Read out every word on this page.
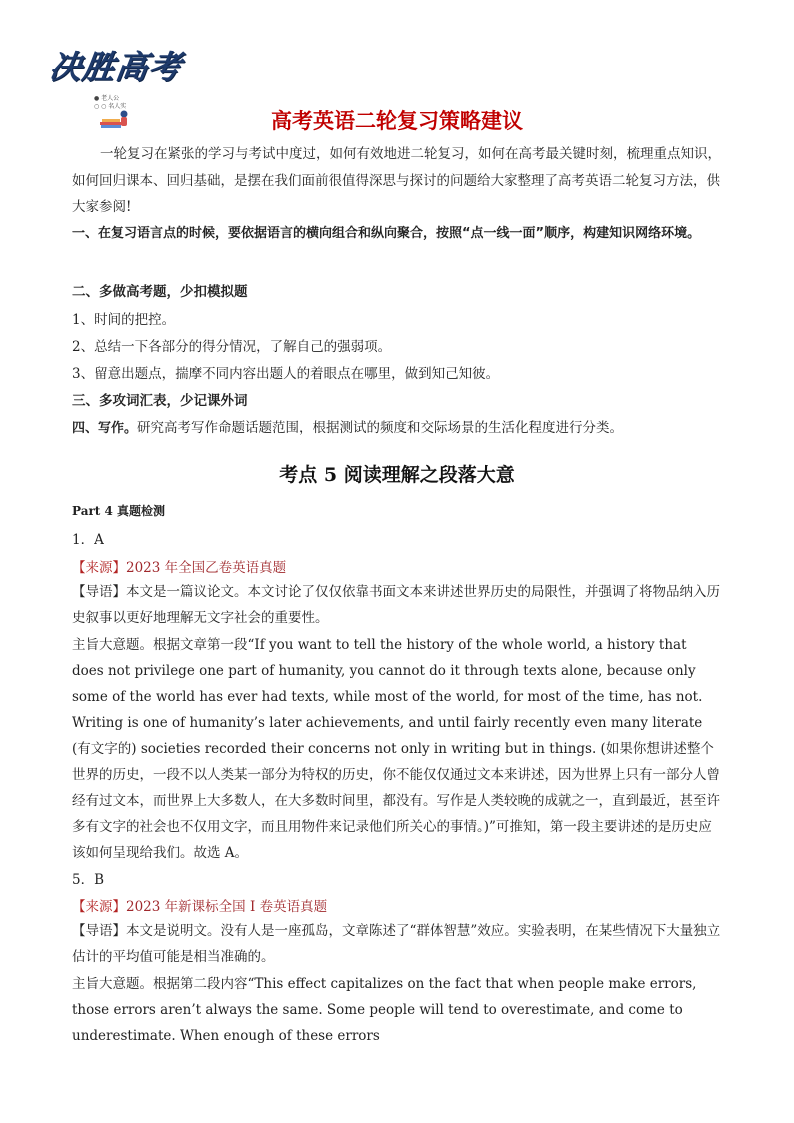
决胜高考
● 老人公
○ ○ 名人实
高考英语二轮复习策略建议
一轮复习在紧张的学习与考试中度过，如何有效地进二轮复习，如何在高考最关键时刻，梳理重点知识，如何回归课本、回归基础，是摆在我们面前很值得深思与探讨的问题给大家整理了高考英语二轮复习方法，供大家参阅!
一、在复习语言点的时候，要依据语言的横向组合和纵向聚合，按照“点一线一面”顺序，构建知识网络环境。
二、多做高考题，少扣模拟题
1、时间的把控。
2、总结一下各部分的得分情况，了解自己的强弱项。
3、留意出题点，揣摩不同内容出题人的着眼点在哪里，做到知己知彼。
三、多攻词汇表，少记课外词
四、写作。研究高考写作命题话题范围，根据测试的频度和交际场景的生活化程度进行分类。
考点 5 阅读理解之段落大意
Part 4 真题检测
1．A
【来源】2023 年全国乙卷英语真题
【导语】本文是一篇议论文。本文讨论了仅仅依靠书面文本来讲述世界历史的局限性，并强调了将物品纳入历史叙事以更好地理解无文字社会的重要性。
主旨大意题。根据文章第一段“If you want to tell the history of the whole world, a history that does not privilege one part of humanity, you cannot do it through texts alone, because only some of the world has ever had texts, while most of the world, for most of the time, has not. Writing is one of humanity’s later achievements, and until fairly recently even many literate (有文字的) societies recorded their concerns not only in writing but in things. (如果你想讲述整个世界的历史，一段不以人类某一部分为特权的历史，你不能仅仅通过文本来讲述，因为世界上只有一部分人曾经有过文本，而世界上大多数人，在大多数时间里，都没有。写作是人类较晚的成就之一，直到最近，甚至许多有文字的社会也不仅用文字，而且用物件来记录他们所关心的事情。)”可推知，第一段主要讲述的是历史应该如何呈现给我们。故选 A。
5．B
【来源】2023 年新课标全国 I 卷英语真题
【导语】本文是说明文。没有人是一座孤岛，文章陈述了“群体智慧”效应。实验表明，在某些情况下大量独立估计的平均值可能是相当准确的。
主旨大意题。根据第二段内容“This effect capitalizes on the fact that when people make errors, those errors aren’t always the same. Some people will tend to overestimate, and come to underestimate. When enough of these errors
